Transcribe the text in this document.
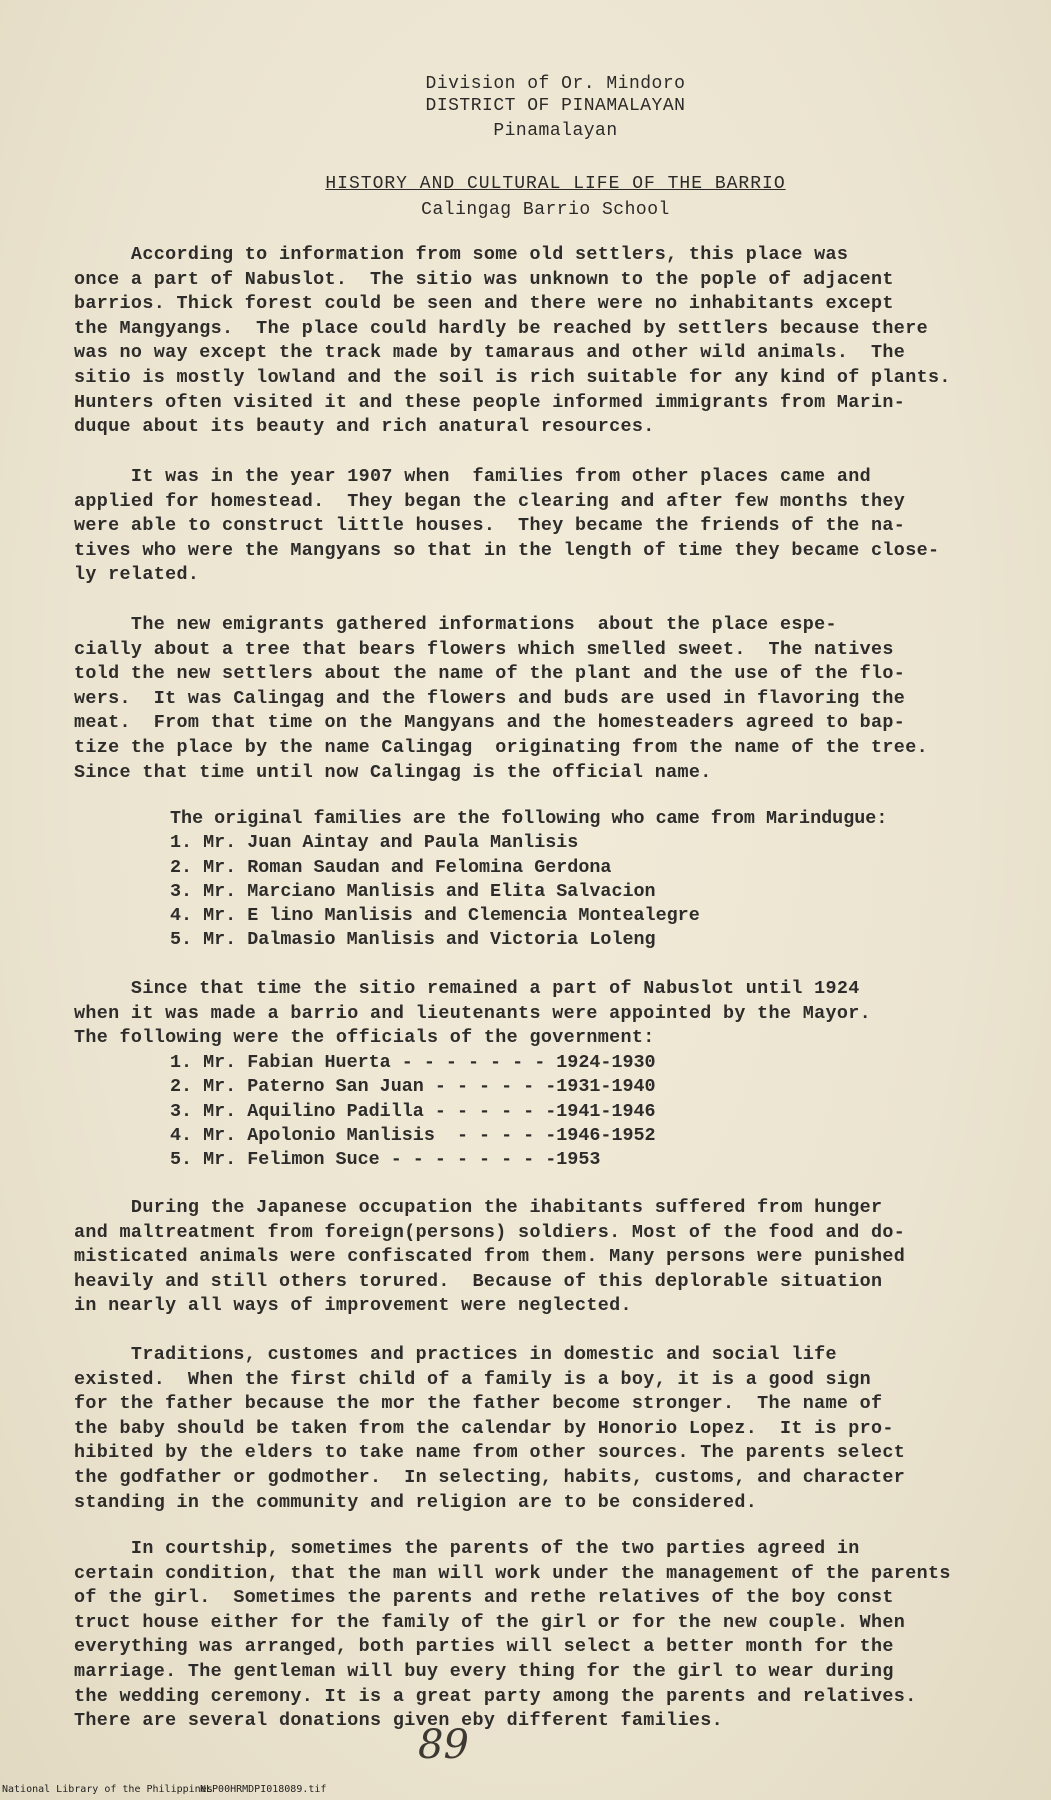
Division of Or. Mindoro
DISTRICT OF PINAMALAYAN
Pinamalayan
HISTORY AND CULTURAL LIFE OF THE BARRIO
Calingag Barrio School
According to information from some old settlers, this place was
once a part of Nabuslot.  The sitio was unknown to the pople of adjacent
barrios. Thick forest could be seen and there were no inhabitants except
the Mangyangs.  The place could hardly be reached by settlers because there
was no way except the track made by tamaraus and other wild animals.  The
sitio is mostly lowland and the soil is rich suitable for any kind of plants.
Hunters often visited it and these people informed immigrants from Marin-
duque about its beauty and rich anatural resources.
It was in the year 1907 when  families from other places came and
applied for homestead.  They began the clearing and after few months they
were able to construct little houses.  They became the friends of the na-
tives who were the Mangyans so that in the length of time they became close-
ly related.
The new emigrants gathered informations  about the place espe-
cially about a tree that bears flowers which smelled sweet.  The natives
told the new settlers about the name of the plant and the use of the flo-
wers.  It was Calingag and the flowers and buds are used in flavoring the
meat.  From that time on the Mangyans and the homesteaders agreed to bap-
tize the place by the name Calingag  originating from the name of the tree.
Since that time until now Calingag is the official name.
The original families are the following who came from Marindugue:
1. Mr. Juan Aintay and Paula Manlisis
2. Mr. Roman Saudan and Felomina Gerdona
3. Mr. Marciano Manlisis and Elita Salvacion
4. Mr. E lino Manlisis and Clemencia Montealegre
5. Mr. Dalmasio Manlisis and Victoria Loleng
Since that time the sitio remained a part of Nabuslot until 1924
when it was made a barrio and lieutenants were appointed by the Mayor.
The following were the officials of the government:
1. Mr. Fabian Huerta - - - - - - - 1924-1930
2. Mr. Paterno San Juan - - - - - -1931-1940
3. Mr. Aquilino Padilla - - - - - -1941-1946
4. Mr. Apolonio Manlisis  - - - - -1946-1952
5. Mr. Felimon Suce - - - - - - - -1953
During the Japanese occupation the ihabitants suffered from hunger
and maltreatment from foreign(persons) soldiers. Most of the food and do-
misticated animals were confiscated from them. Many persons were punished
heavily and still others torured.  Because of this deplorable situation
in nearly all ways of improvement were neglected.
Traditions, customes and practices in domestic and social life
existed.  When the first child of a family is a boy, it is a good sign
for the father because the mor the father become stronger.  The name of
the baby should be taken from the calendar by Honorio Lopez.  It is pro-
hibited by the elders to take name from other sources. The parents select
the godfather or godmother.  In selecting, habits, customs, and character
standing in the community and religion are to be considered.
In courtship, sometimes the parents of the two parties agreed in
certain condition, that the man will work under the management of the parents
of the girl.  Sometimes the parents and rethe relatives of the boy const
truct house either for the family of the girl or for the new couple. When
everything was arranged, both parties will select a better month for the
marriage. The gentleman will buy every thing for the girl to wear during
the wedding ceremony. It is a great party among the parents and relatives.
There are several donations given eby different families.
89
National Library of the Philippines
NLP00HRMDPI018089.tif
